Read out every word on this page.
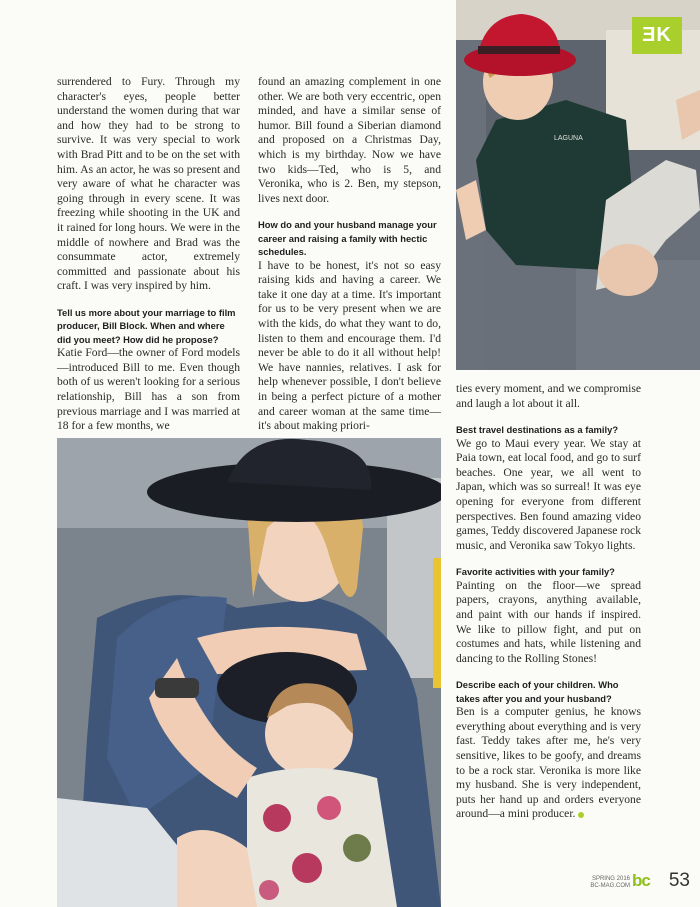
LAGUNA
ƎK

surrendered to Fury. Through my character's eyes, people better understand the women during that war and how they had to be strong to survive. It was very special to work with Brad Pitt and to be on the set with him. As an actor, he was so present and very aware of what he character was going through in every scene. It was freezing while shooting in the UK and it rained for long hours. We were in the middle of nowhere and Brad was the consummate actor, extremely committed and passionate about his craft. I was very inspired by him.

Tell us more about your marriage to film producer, Bill Block. When and where did you meet? How did he propose?

Katie Ford—the owner of Ford models—introduced Bill to me. Even though both of us weren't looking for a serious relationship, Bill has a son from previous marriage and I was married at 18 for a few months, we

found an amazing complement in one other. We are both very eccentric, open minded, and have a similar sense of humor. Bill found a Siberian diamond and proposed on a Christmas Day, which is my birthday. Now we have two kids—Ted, who is 5, and Veronika, who is 2. Ben, my stepson, lives next door.

How do and your husband manage your career and raising a family with hectic schedules.

I have to be honest, it's not so easy raising kids and having a career. We take it one day at a time. It's important for us to be very present when we are with the kids, do what they want to do, listen to them and encourage them. I'd never be able to do it all without help! We have nannies, relatives. I ask for help whenever possible, I don't believe in being a perfect picture of a mother and career woman at the same time—it's about making priori-

ties every moment, and we compromise and laugh a lot about it all.

Best travel destinations as a family?

We go to Maui every year. We stay at Paia town, eat local food, and go to surf beaches. One year, we all went to Japan, which was so surreal! It was eye opening for everyone from different perspectives. Ben found amazing video games, Teddy discovered Japanese rock music, and Veronika saw Tokyo lights.

Favorite activities with your family?

Painting on the floor—we spread papers, crayons, anything available, and paint with our hands if inspired. We like to pillow fight, and put on costumes and hats, while listening and dancing to the Rolling Stones!

Describe each of your children. Who takes after you and your husband?

Ben is a computer genius, he knows everything about everything and is very fast. Teddy takes after me, he's very sensitive, likes to be goofy, and dreams to be a rock star. Veronika is more like my husband. She is very independent, puts her hand up and orders everyone around—a mini producer.

SPRING 2016
BC-MAG.COM bc 53
